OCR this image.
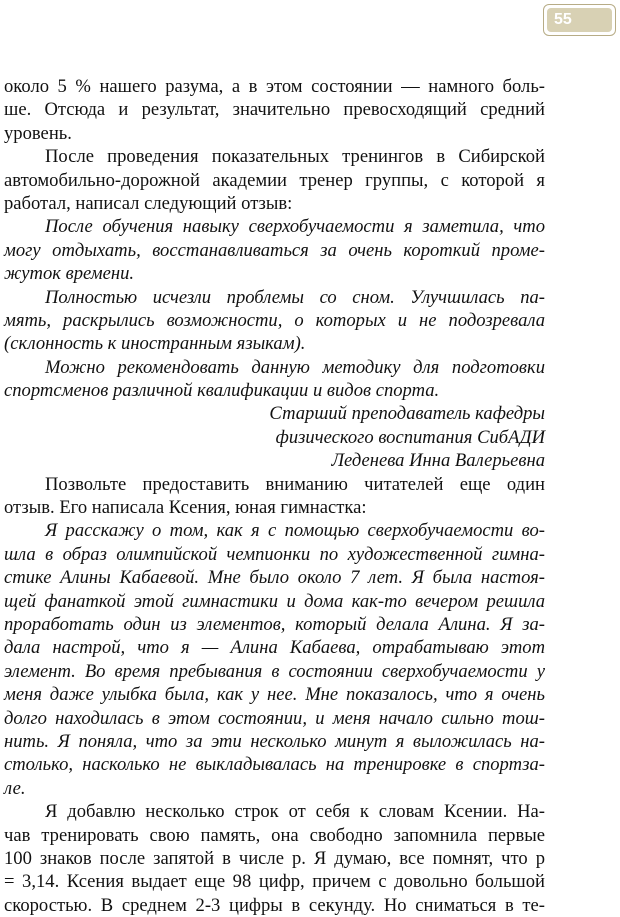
55
около 5 % нашего разума, а в этом состоянии — намного боль-
ше. Отсюда и результат, значительно превосходящий средний
уровень.
После проведения показательных тренингов в Сибирской
автомобильно-дорожной академии тренер группы, с которой я
работал, написал следующий отзыв:
После обучения навыку сверхобучаемости я заметила, что
могу отдыхать, восстанавливаться за очень короткий проме-
жуток времени.
Полностью исчезли проблемы со сном. Улучшилась па-
мять, раскрылись возможности, о которых и не подозревала
(склонность к иностранным языкам).
Можно рекомендовать данную методику для подготовки
спортсменов различной квалификации и видов спорта.
Старший преподаватель кафедры
физического воспитания СибАДИ
Леденева Инна Валерьевна
Позвольте предоставить вниманию читателей еще один
отзыв. Его написала Ксения, юная гимнастка:
Я расскажу о том, как я с помощью сверхобучаемости во-
шла в образ олимпийской чемпионки по художественной гимна-
стике Алины Кабаевой. Мне было около 7 лет. Я была настоя-
щей фанаткой этой гимнастики и дома как-то вечером решила
проработать один из элементов, который делала Алина. Я за-
дала настрой, что я — Алина Кабаева, отрабатываю этот
элемент. Во время пребывания в состоянии сверхобучаемости у
меня даже улыбка была, как у нее. Мне показалось, что я очень
долго находилась в этом состоянии, и меня начало сильно тош-
нить. Я поняла, что за эти несколько минут я выложилась на-
столько, насколько не выкладывалась на тренировке в спортза-
ле.
Я добавлю несколько строк от себя к словам Ксении. На-
чав тренировать свою память, она свободно запомнила первые
100 знаков после запятой в числе р. Я думаю, все помнят, что р
= 3,14. Ксения выдает еще 98 цифр, причем с довольно большой
скоростью. В среднем 2-3 цифры в секунду. Но сниматься в те-
